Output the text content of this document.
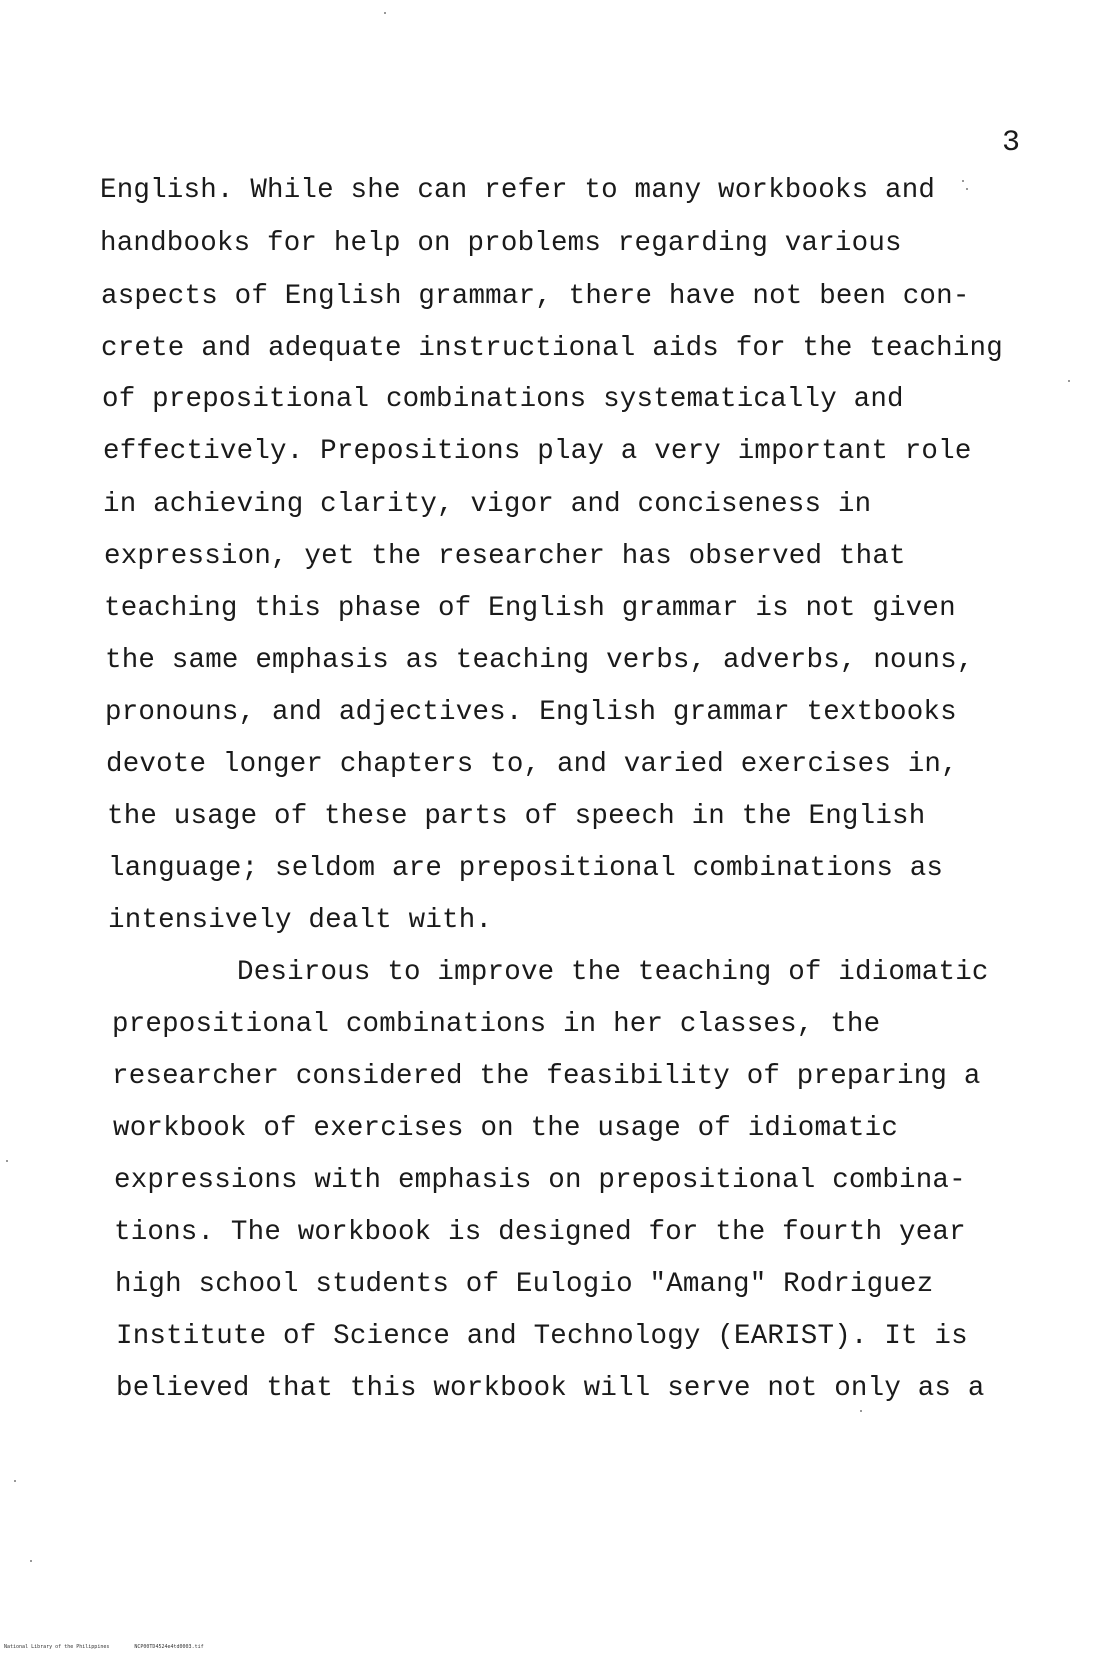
3
English. While she can refer to many workbooks and
handbooks for help on problems regarding various
aspects of English grammar, there have not been con-
crete and adequate instructional aids for the teaching
of prepositional combinations systematically and
effectively. Prepositions play a very important role
in achieving clarity, vigor and conciseness in
expression, yet the researcher has observed that
teaching this phase of English grammar is not given
the same emphasis as teaching verbs, adverbs, nouns,
pronouns, and adjectives. English grammar textbooks
devote longer chapters to, and varied exercises in,
the usage of these parts of speech in the English
language; seldom are prepositional combinations as
intensively dealt with.
Desirous to improve the teaching of idiomatic
prepositional combinations in her classes, the
researcher considered the feasibility of preparing a
workbook of exercises on the usage of idiomatic
expressions with emphasis on prepositional combina-
tions. The workbook is designed for the fourth year
high school students of Eulogio "Amang" Rodriguez
Institute of Science and Technology (EARIST). It is
believed that this workbook will serve not only as a
National Library of the Philippines	NCP00TD4524e4td0003.tif
